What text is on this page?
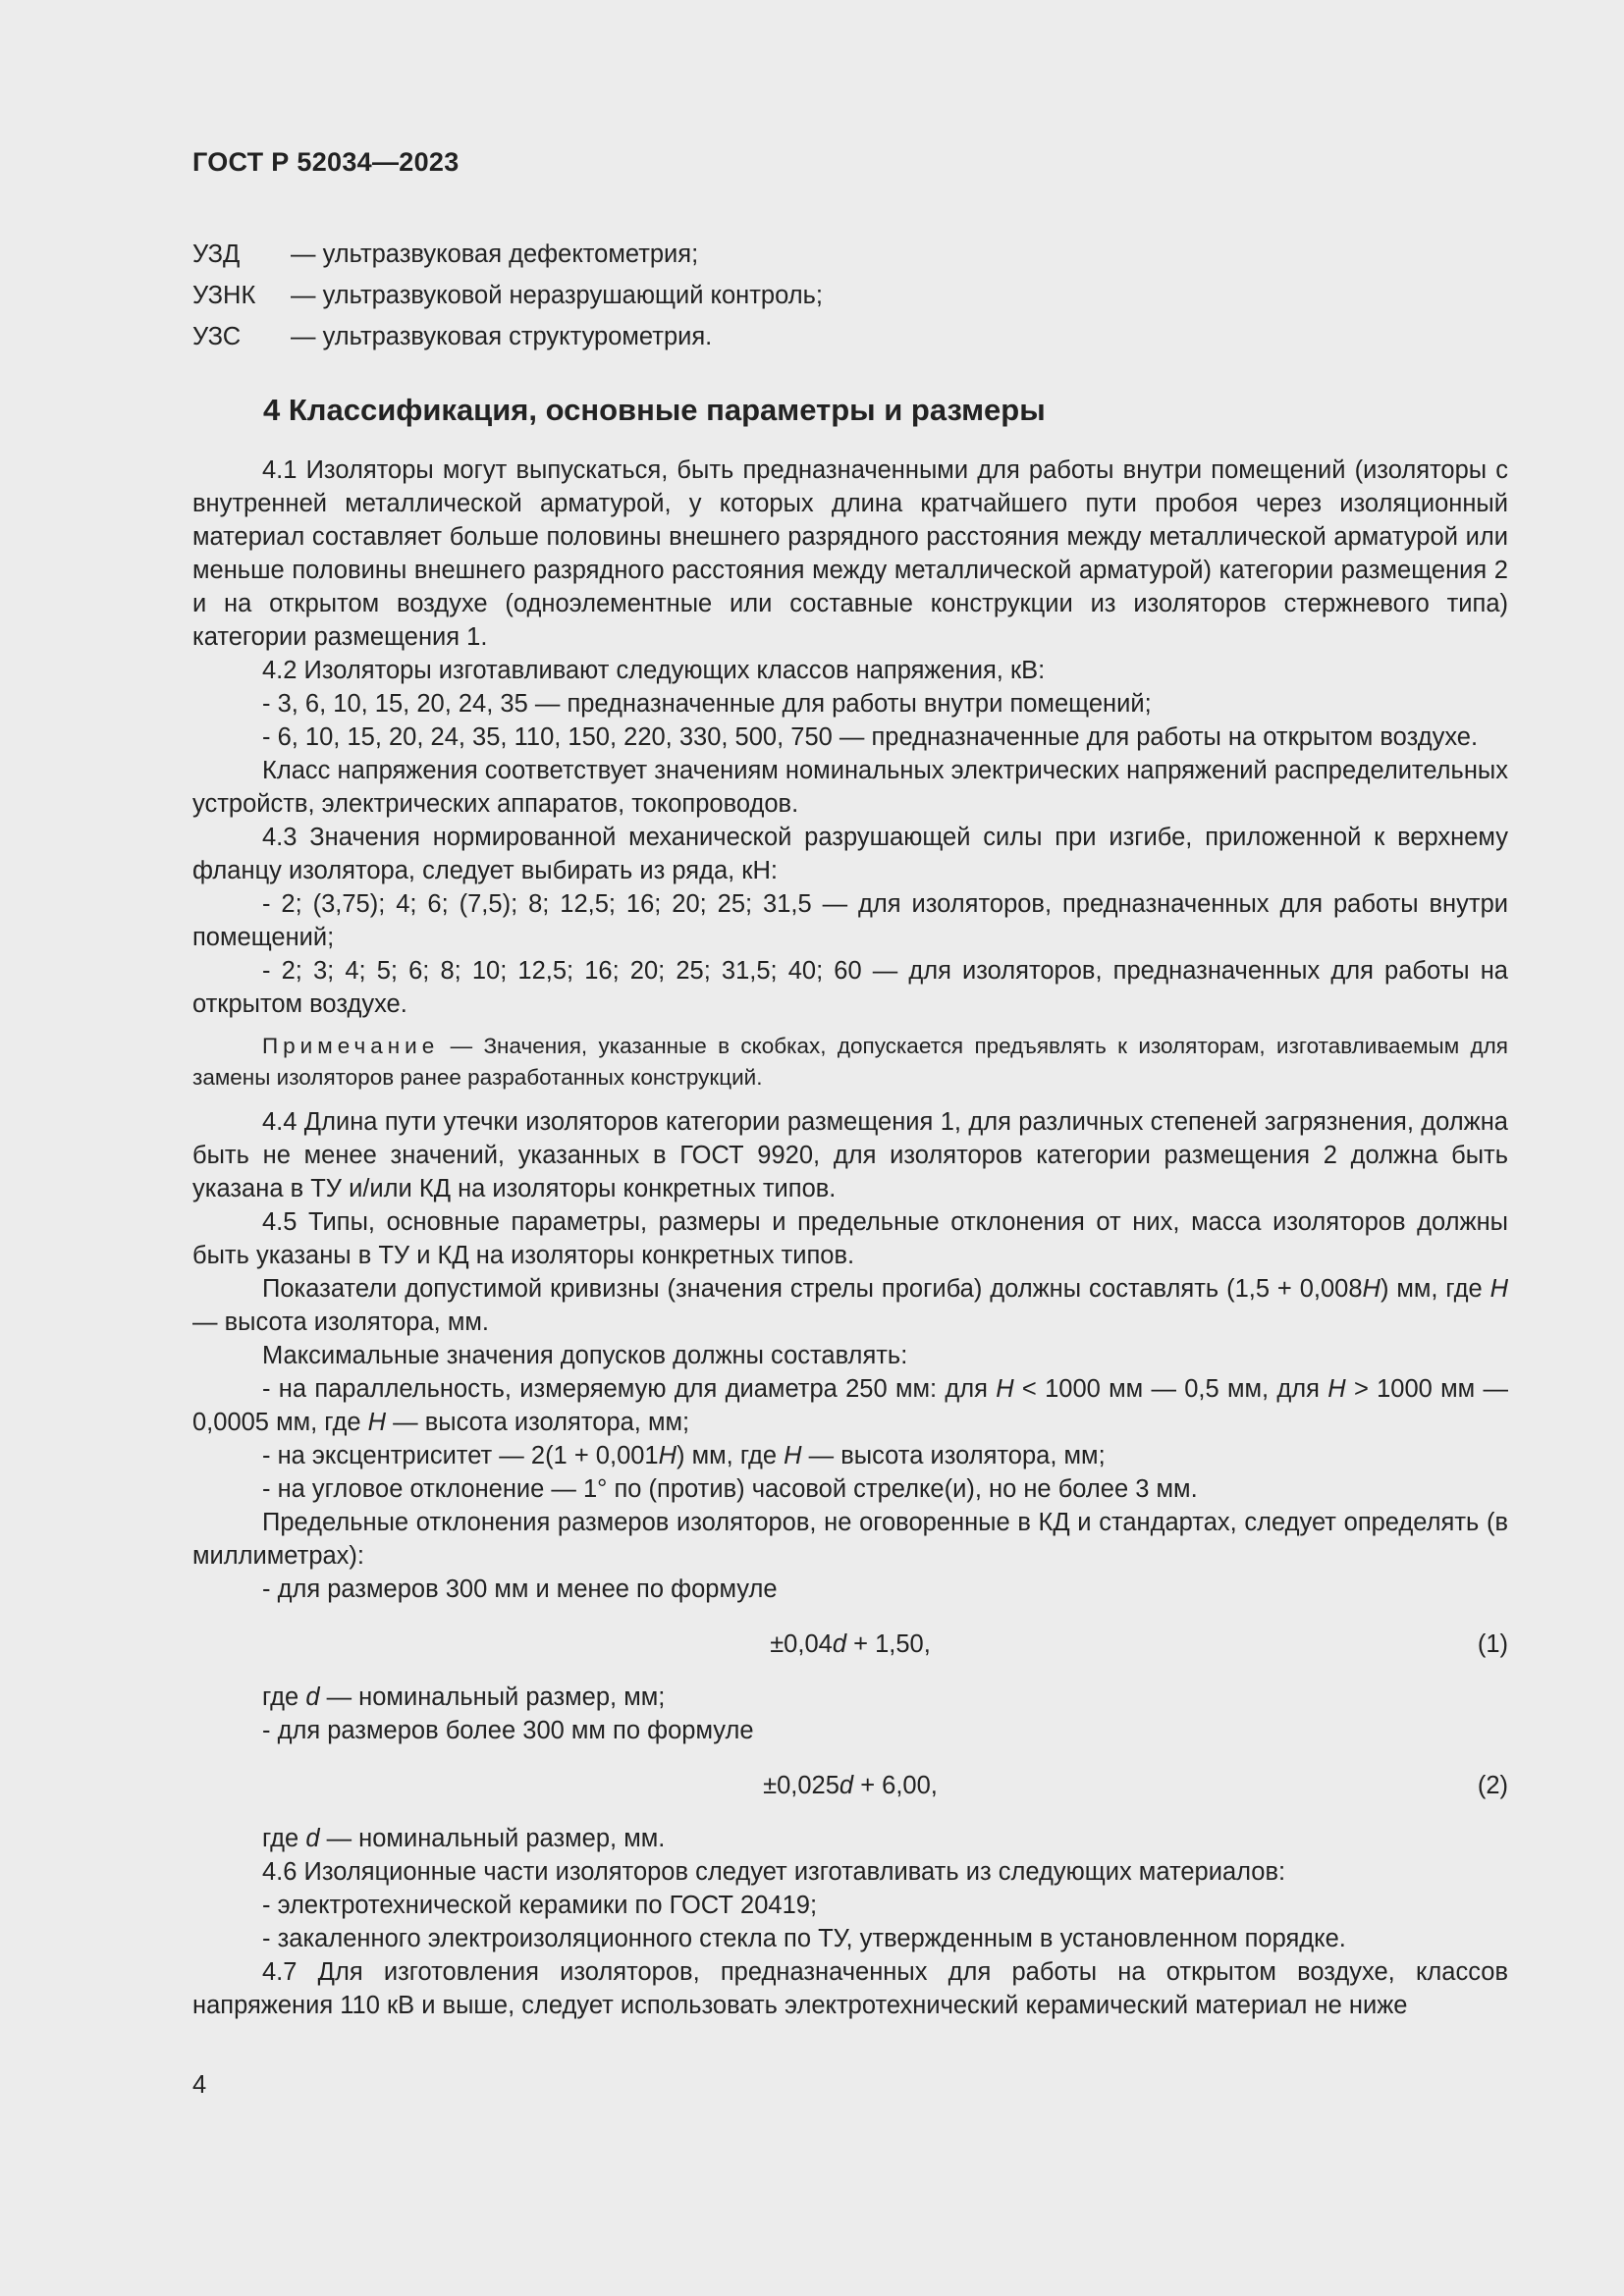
ГОСТ Р 52034—2023
УЗД	— ультразвуковая дефектометрия;
УЗНК	— ультразвуковой неразрушающий контроль;
УЗС	— ультразвуковая структурометрия.
4 Классификация, основные параметры и размеры

4.1 Изоляторы могут выпускаться, быть предназначенными для работы внутри помещений (изоляторы с внутренней металлической арматурой, у которых длина кратчайшего пути пробоя через изоляционный материал составляет больше половины внешнего разрядного расстояния между металлической арматурой или меньше половины внешнего разрядного расстояния между металлической арматурой) категории размещения 2 и на открытом воздухе (одноэлементные или составные конструкции из изоляторов стержневого типа) категории размещения 1.

4.2 Изоляторы изготавливают следующих классов напряжения, кВ:

- 3, 6, 10, 15, 20, 24, 35 — предназначенные для работы внутри помещений;

- 6, 10, 15, 20, 24, 35, 110, 150, 220, 330, 500, 750 — предназначенные для работы на открытом воздухе.

Класс напряжения соответствует значениям номинальных электрических напряжений распределительных устройств, электрических аппаратов, токопроводов.

4.3 Значения нормированной механической разрушающей силы при изгибе, приложенной к верхнему фланцу изолятора, следует выбирать из ряда, кН:

- 2; (3,75); 4; 6; (7,5); 8; 12,5; 16; 20; 25; 31,5 — для изоляторов, предназначенных для работы внутри помещений;

- 2; 3; 4; 5; 6; 8; 10; 12,5; 16; 20; 25; 31,5; 40; 60 — для изоляторов, предназначенных для работы на открытом воздухе.

Примечание — Значения, указанные в скобках, допускается предъявлять к изоляторам, изготавливаемым для замены изоляторов ранее разработанных конструкций.

4.4 Длина пути утечки изоляторов категории размещения 1, для различных степеней загрязнения, должна быть не менее значений, указанных в ГОСТ 9920, для изоляторов категории размещения 2 должна быть указана в ТУ и/или КД на изоляторы конкретных типов.

4.5 Типы, основные параметры, размеры и предельные отклонения от них, масса изоляторов должны быть указаны в ТУ и КД на изоляторы конкретных типов.

Показатели допустимой кривизны (значения стрелы прогиба) должны составлять (1,5 + 0,008H) мм, где H — высота изолятора, мм.

Максимальные значения допусков должны составлять:

- на параллельность, измеряемую для диаметра 250 мм: для H < 1000 мм — 0,5 мм, для H > 1000 мм — 0,0005 мм, где H — высота изолятора, мм;

- на эксцентриситет — 2(1 + 0,001H) мм, где H — высота изолятора, мм;

- на угловое отклонение — 1° по (против) часовой стрелке(и), но не более 3 мм.

Предельные отклонения размеров изоляторов, не оговоренные в КД и стандартах, следует определять (в миллиметрах):

- для размеров 300 мм и менее по формуле

±0,04d + 1,50,	(1)

где d — номинальный размер, мм;

- для размеров более 300 мм по формуле

±0,025d + 6,00,	(2)

где d — номинальный размер, мм.

4.6 Изоляционные части изоляторов следует изготавливать из следующих материалов:

- электротехнической керамики по ГОСТ 20419;

- закаленного электроизоляционного стекла по ТУ, утвержденным в установленном порядке.

4.7 Для изготовления изоляторов, предназначенных для работы на открытом воздухе, классов напряжения 110 кВ и выше, следует использовать электротехнический керамический материал не ниже

4
